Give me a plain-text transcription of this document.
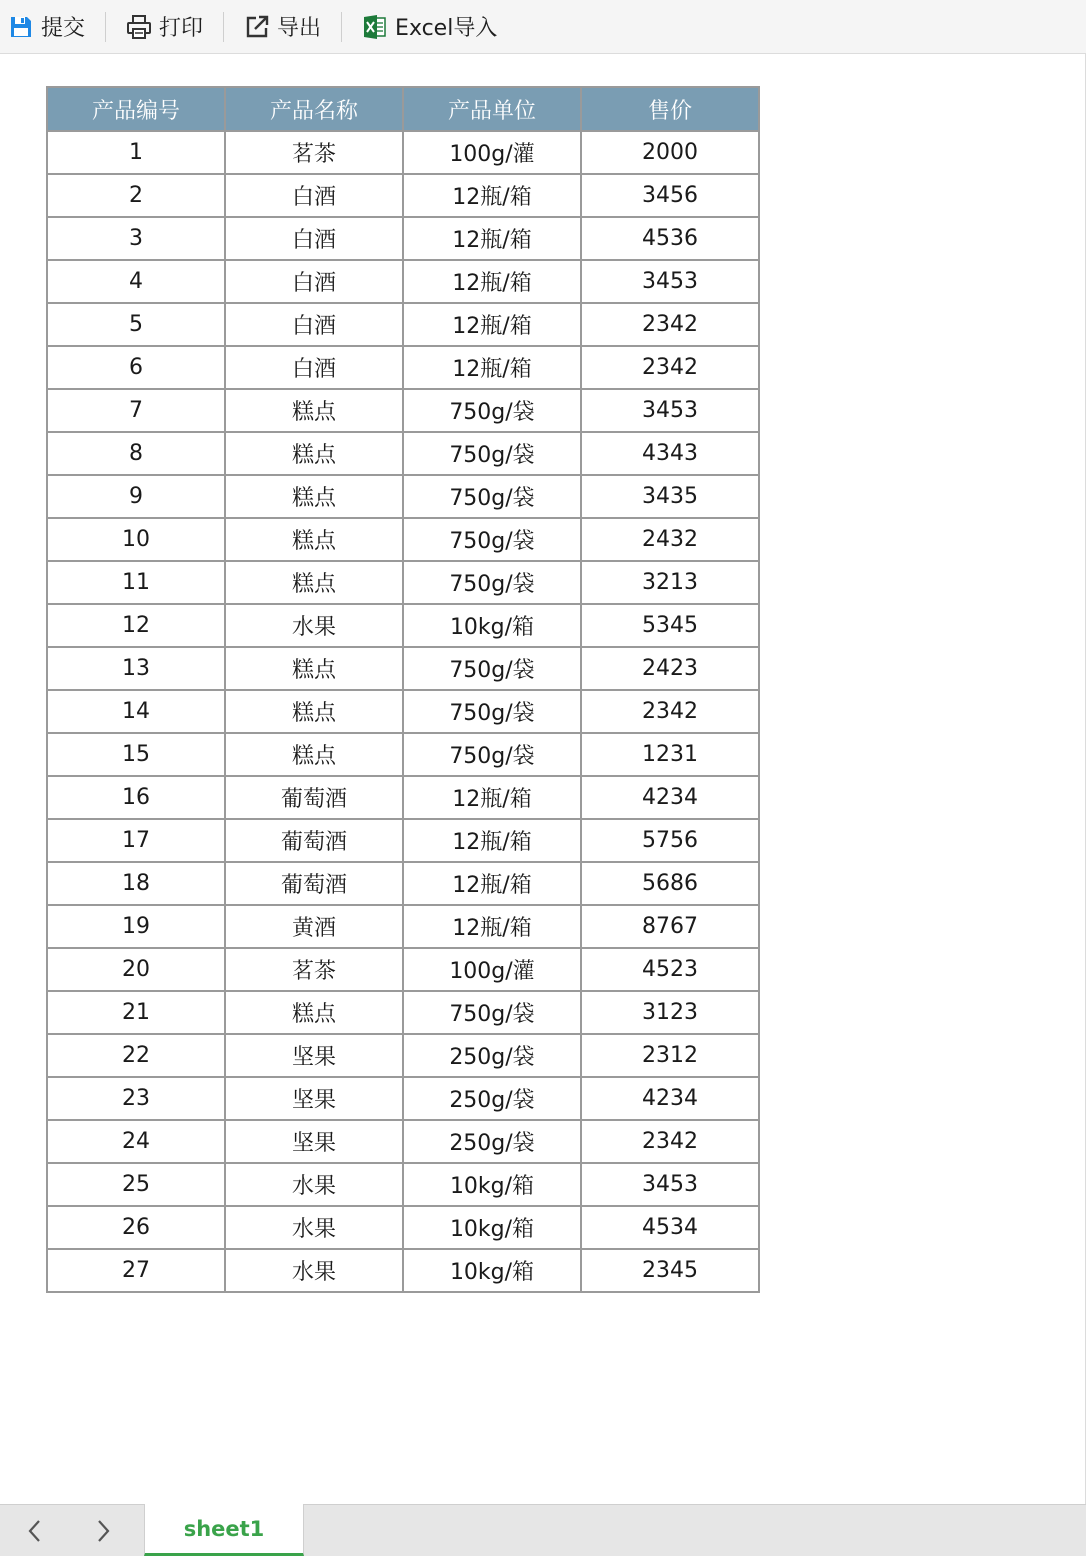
提交	打印	导出	Excel导入
产品编号	产品名称	产品单位	售价
1	茗茶	100g/灌	2000
2	白酒	12瓶/箱	3456
3	白酒	12瓶/箱	4536
4	白酒	12瓶/箱	3453
5	白酒	12瓶/箱	2342
6	白酒	12瓶/箱	2342
7	糕点	750g/袋	3453
8	糕点	750g/袋	4343
9	糕点	750g/袋	3435
10	糕点	750g/袋	2432
11	糕点	750g/袋	3213
12	水果	10kg/箱	5345
13	糕点	750g/袋	2423
14	糕点	750g/袋	2342
15	糕点	750g/袋	1231
16	葡萄酒	12瓶/箱	4234
17	葡萄酒	12瓶/箱	5756
18	葡萄酒	12瓶/箱	5686
19	黄酒	12瓶/箱	8767
20	茗茶	100g/灌	4523
21	糕点	750g/袋	3123
22	坚果	250g/袋	2312
23	坚果	250g/袋	4234
24	坚果	250g/袋	2342
25	水果	10kg/箱	3453
26	水果	10kg/箱	4534
27	水果	10kg/箱	2345
sheet1
